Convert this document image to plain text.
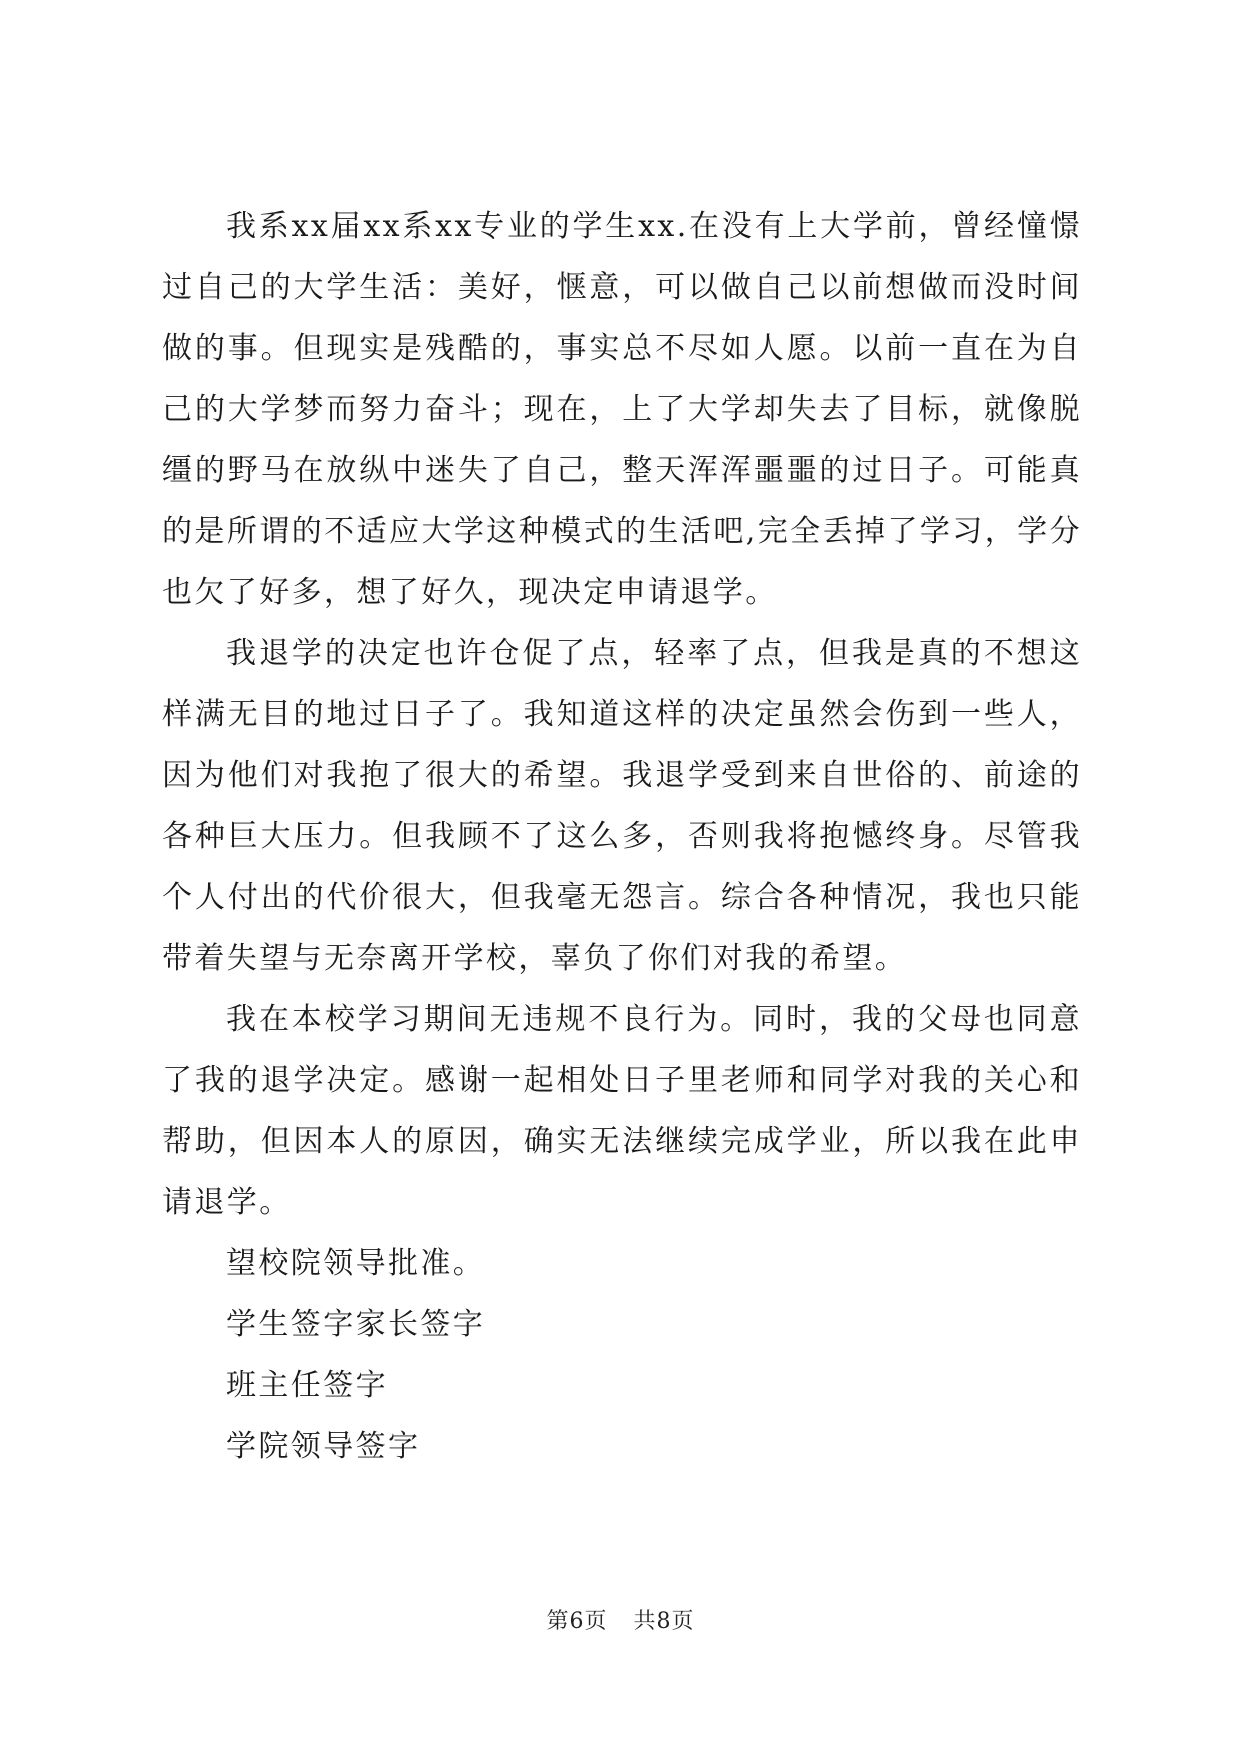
我系xx届xx系xx专业的学生xx.在没有上大学前，曾经憧憬过自己的大学生活：美好，惬意，可以做自己以前想做而没时间做的事。但现实是残酷的，事实总不尽如人愿。以前一直在为自己的大学梦而努力奋斗；现在，上了大学却失去了目标，就像脱缰的野马在放纵中迷失了自己，整天浑浑噩噩的过日子。可能真的是所谓的不适应大学这种模式的生活吧,完全丢掉了学习，学分也欠了好多，想了好久，现决定申请退学。

我退学的决定也许仓促了点，轻率了点，但我是真的不想这样满无目的地过日子了。我知道这样的决定虽然会伤到一些人，因为他们对我抱了很大的希望。我退学受到来自世俗的、前途的各种巨大压力。但我顾不了这么多，否则我将抱憾终身。尽管我个人付出的代价很大，但我毫无怨言。综合各种情况，我也只能带着失望与无奈离开学校，辜负了你们对我的希望。

我在本校学习期间无违规不良行为。同时，我的父母也同意了我的退学决定。感谢一起相处日子里老师和同学对我的关心和帮助，但因本人的原因，确实无法继续完成学业，所以我在此申请退学。

望校院领导批准。

学生签字家长签字

班主任签字

学院领导签字

第6页 共8页
